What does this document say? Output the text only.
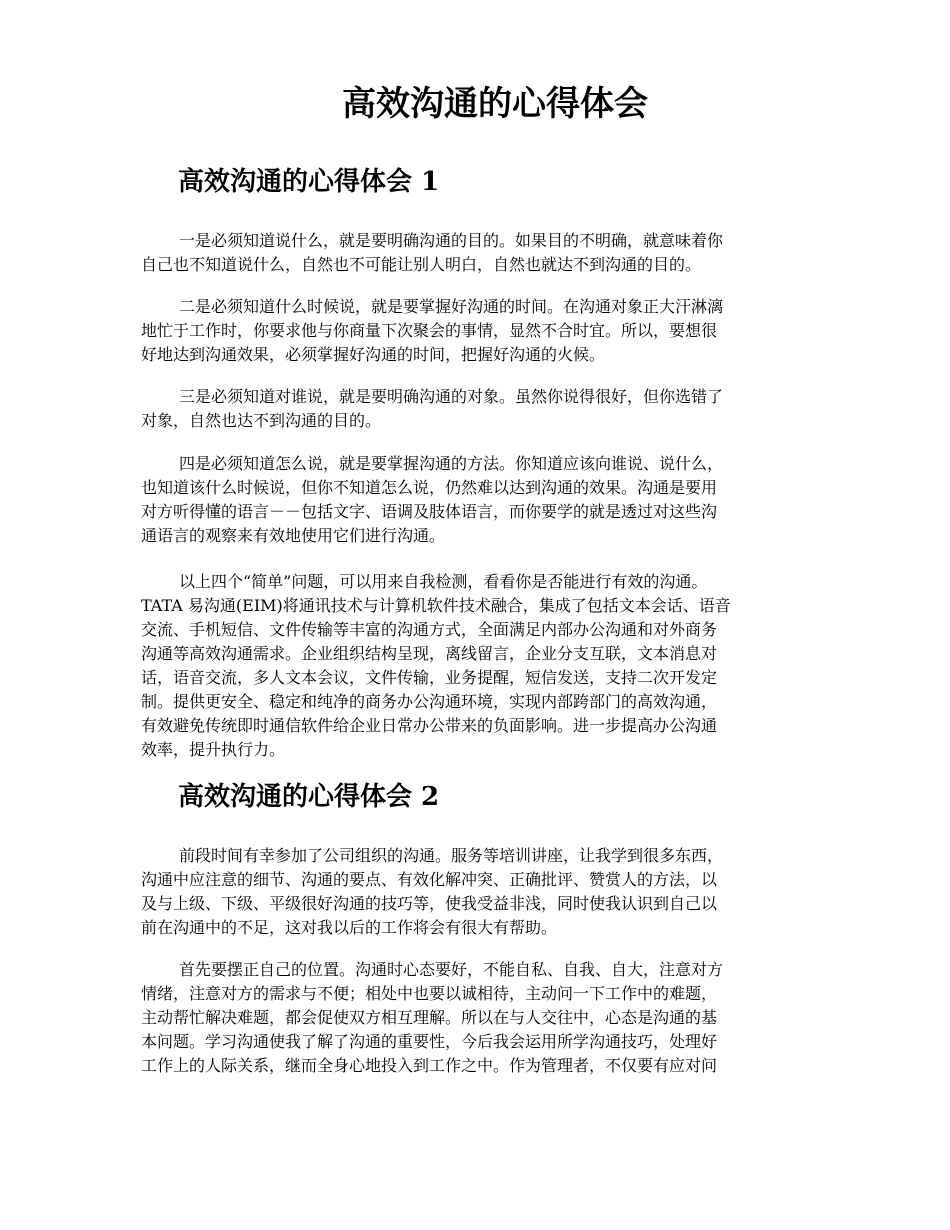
高效沟通的心得体会
高效沟通的心得体会 1
一是必须知道说什么，就是要明确沟通的目的。如果目的不明确，就意味着你
自己也不知道说什么，自然也不可能让别人明白，自然也就达不到沟通的目的。
二是必须知道什么时候说，就是要掌握好沟通的时间。在沟通对象正大汗淋漓
地忙于工作时，你要求他与你商量下次聚会的事情，显然不合时宜。所以，要想很
好地达到沟通效果，必须掌握好沟通的时间，把握好沟通的火候。
三是必须知道对谁说，就是要明确沟通的对象。虽然你说得很好，但你选错了
对象，自然也达不到沟通的目的。
四是必须知道怎么说，就是要掌握沟通的方法。你知道应该向谁说、说什么，
也知道该什么时候说，但你不知道怎么说，仍然难以达到沟通的效果。沟通是要用
对方听得懂的语言－－包括文字、语调及肢体语言，而你要学的就是透过对这些沟
通语言的观察来有效地使用它们进行沟通。
以上四个“简单”问题，可以用来自我检测，看看你是否能进行有效的沟通。
TATA 易沟通(EIM)将通讯技术与计算机软件技术融合，集成了包括文本会话、语音
交流、手机短信、文件传输等丰富的沟通方式，全面满足内部办公沟通和对外商务
沟通等高效沟通需求。企业组织结构呈现，离线留言，企业分支互联，文本消息对
话，语音交流，多人文本会议，文件传输，业务提醒，短信发送，支持二次开发定
制。提供更安全、稳定和纯净的商务办公沟通环境，实现内部跨部门的高效沟通，
有效避免传统即时通信软件给企业日常办公带来的负面影响。进一步提高办公沟通
效率，提升执行力。
高效沟通的心得体会 2
前段时间有幸参加了公司组织的沟通。服务等培训讲座，让我学到很多东西，
沟通中应注意的细节、沟通的要点、有效化解冲突、正确批评、赞赏人的方法，以
及与上级、下级、平级很好沟通的技巧等，使我受益非浅，同时使我认识到自己以
前在沟通中的不足，这对我以后的工作将会有很大有帮助。
首先要摆正自己的位置。沟通时心态要好，不能自私、自我、自大，注意对方
情绪，注意对方的需求与不便；相处中也要以诚相待，主动问一下工作中的难题，
主动帮忙解决难题，都会促使双方相互理解。所以在与人交往中，心态是沟通的基
本问题。学习沟通使我了解了沟通的重要性，今后我会运用所学沟通技巧，处理好
工作上的人际关系，继而全身心地投入到工作之中。作为管理者，不仅要有应对问
